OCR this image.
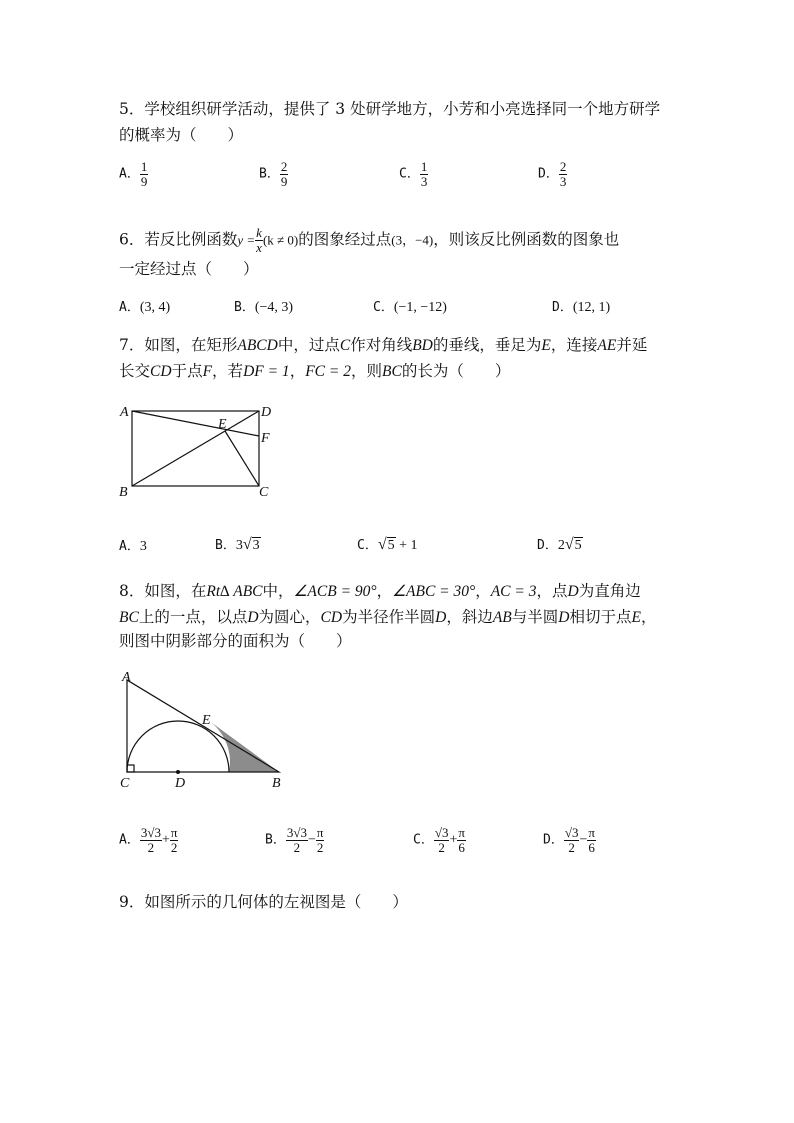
5．学校组织研学活动，提供了 3 处研学地方，小芳和小亮选择同一个地方研学
的概率为（　　）
A． $\frac{1}{9}$	B． $\frac{2}{9}$	C． $\frac{1}{3}$	D． $\frac{2}{3}$
6．若反比例函数$y = \frac{k}{x} (k \ne 0)$的图象经过点(3，−4)，则该反比例函数的图象也
一定经过点（　　）
A．(3, 4)	B．(−4, 3)	C．(−1, −12)	D．(12, 1)
7．如图，在矩形ABCD中，过点C作对角线BD的垂线，垂足为E，连接AE并延
长交CD于点F，若DF = 1，FC = 2，则BC的长为（　　）
A	D
B	C
E
F
A．3	B．3√3	C．√5 + 1	D．2√5
8．如图，在Rt∆ ABC中，∠ACB = 90°，∠ABC = 30°，AC = 3，点D为直角边
BC上的一点，以点D为圆心，CD为半径作半圆D，斜边AB与半圆D相切于点E，
则图中阴影部分的面积为（　　）
A
E
C	D	B
A． $\frac{3√3}{2} + \frac{\pi}{2}$	B． $\frac{3√3}{2} - \frac{\pi}{2}$	C． $\frac{√3}{2} + \frac{\pi}{6}$	D． $\frac{√3}{2} - \frac{\pi}{6}$
9．如图所示的几何体的左视图是（　　）
